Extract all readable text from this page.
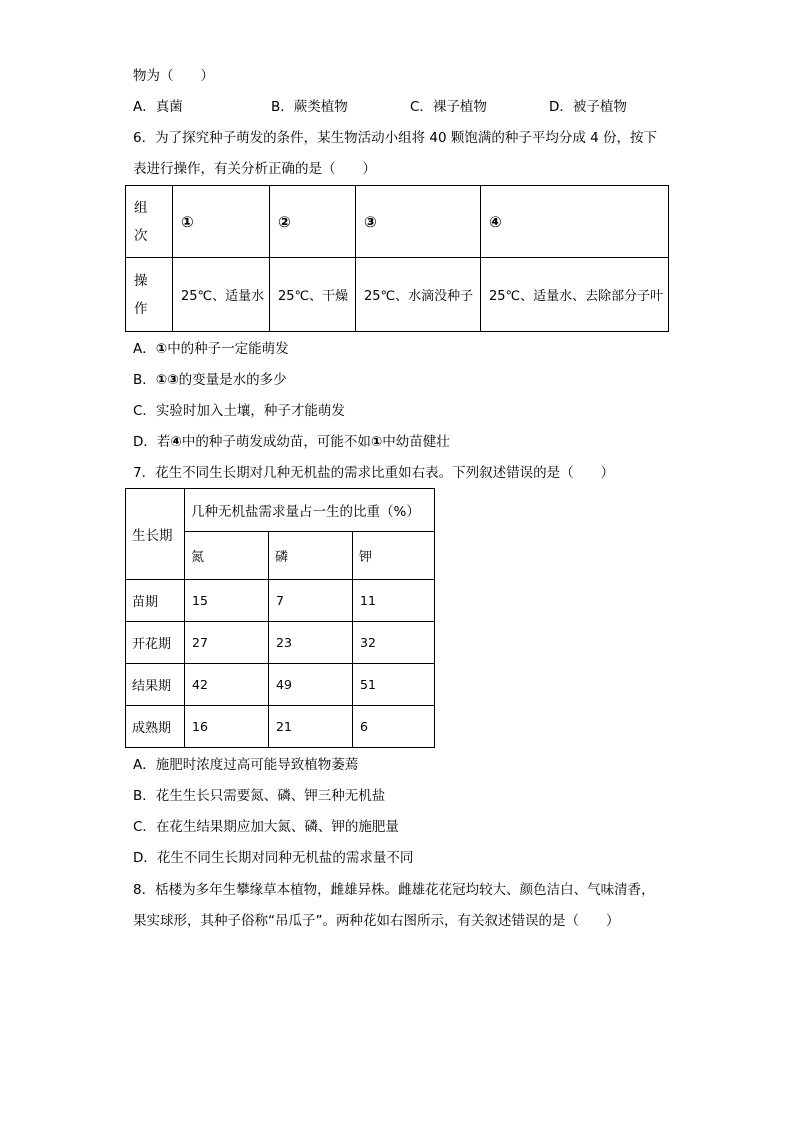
物为（　　）
A．真菌	B．蕨类植物	C．裸子植物	D．被子植物
6．为了探究种子萌发的条件，某生物活动小组将 40 颗饱满的种子平均分成 4 份，按下
表进行操作，有关分析正确的是（　　）
组
次	①	②	③	④

操
作	25℃、适量水	25℃、干燥	25℃、水滴没种子	25℃、适量水、去除部分子叶
A．①中的种子一定能萌发
B．①③的变量是水的多少
C．实验时加入土壤，种子才能萌发
D．若④中的种子萌发成幼苗，可能不如①中幼苗健壮
7．花生不同生长期对几种无机盐的需求比重如右表。下列叙述错误的是（　　）
生长期	几种无机盐需求量占一生的比重（%）		
	氮	磷	钾
苗期	15	7	11
开花期	27	23	32
结果期	42	49	51
成熟期	16	21	6
A．施肥时浓度过高可能导致植物萎蔫
B．花生生长只需要氮、磷、钾三种无机盐
C．在花生结果期应加大氮、磷、钾的施肥量
D．花生不同生长期对同种无机盐的需求量不同
8．栝楼为多年生攀缘草本植物，雌雄异株。雌雄花花冠均较大、颜色洁白、气味清香，
果实球形，其种子俗称“吊瓜子”。两种花如右图所示，有关叙述错误的是（　　）
